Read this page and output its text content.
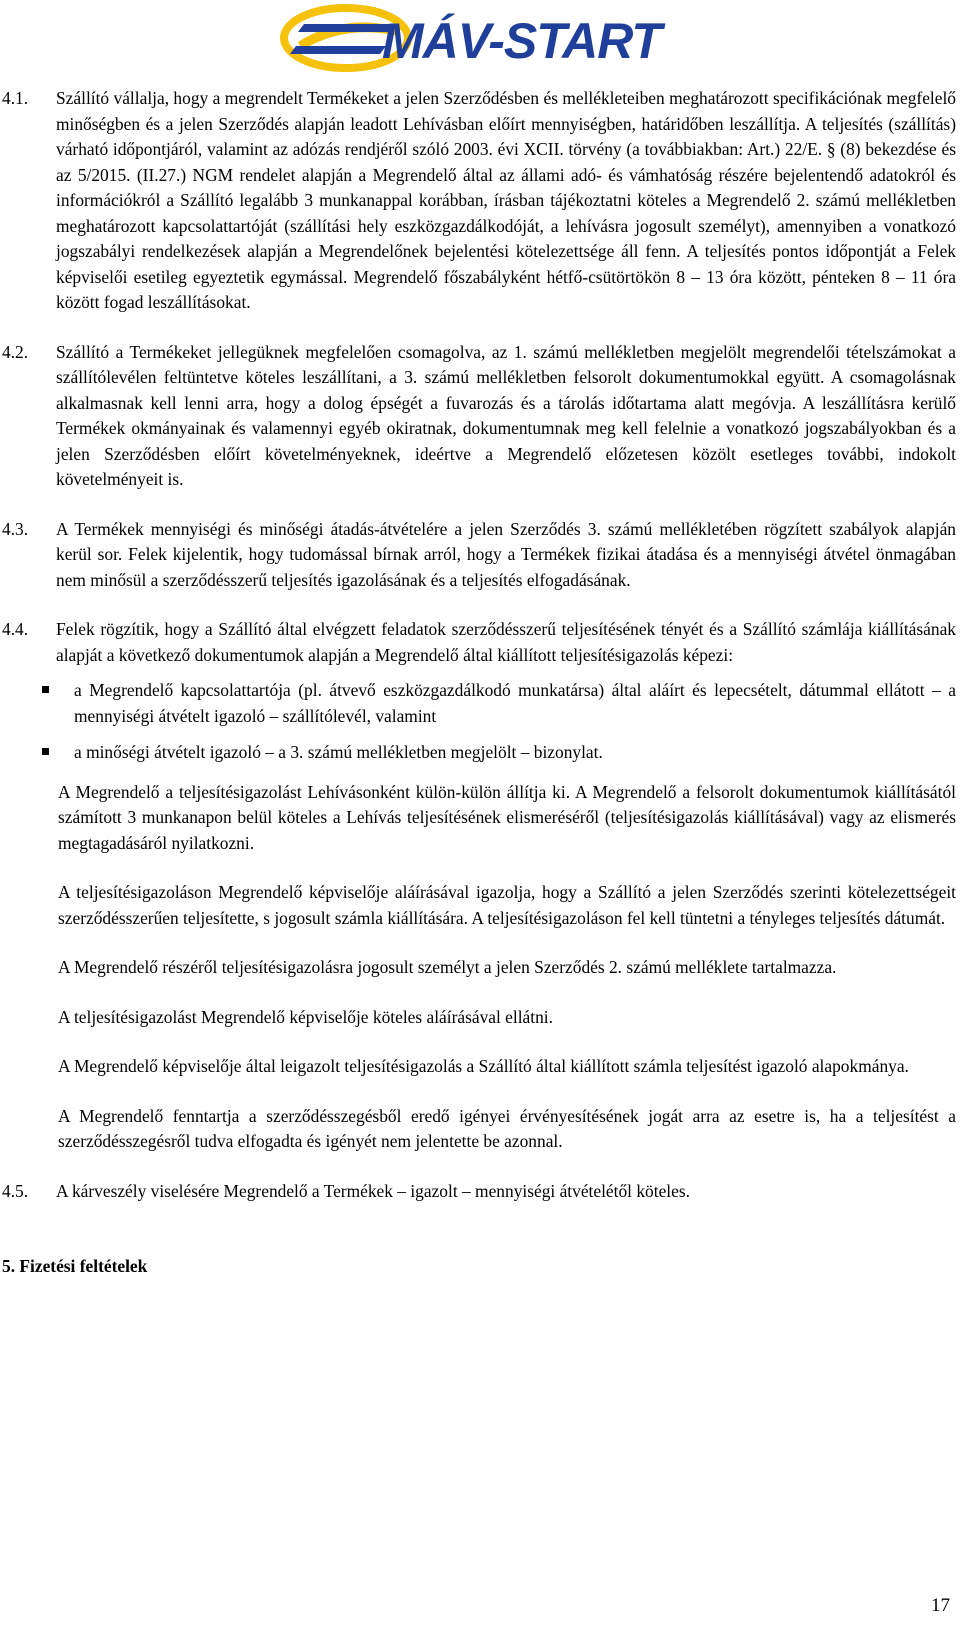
MÁV-START
4.1.	Szállító vállalja, hogy a megrendelt Termékeket a jelen Szerződésben és mellékleteiben meghatározott specifikációnak megfelelő minőségben és a jelen Szerződés alapján leadott Lehívásban előírt mennyiségben, határidőben leszállítja. A teljesítés (szállítás) várható időpontjáról, valamint az adózás rendjéről szóló 2003. évi XCII. törvény (a továbbiakban: Art.) 22/E. § (8) bekezdése és az 5/2015. (II.27.) NGM rendelet alapján a Megrendelő által az állami adó- és vámhatóság részére bejelentendő adatokról és információkról a Szállító legalább 3 munkanappal korábban, írásban tájékoztatni köteles a Megrendelő 2. számú mellékletben meghatározott kapcsolattartóját (szállítási hely eszközgazdálkodóját, a lehívásra jogosult személyt), amennyiben a vonatkozó jogszabályi rendelkezések alapján a Megrendelőnek bejelentési kötelezettsége áll fenn. A teljesítés pontos időpontját a Felek képviselői esetileg egyeztetik egymással. Megrendelő főszabályként hétfő-csütörtökön 8 – 13 óra között, pénteken 8 – 11 óra között fogad leszállításokat.

4.2.	Szállító a Termékeket jellegüknek megfelelően csomagolva, az 1. számú mellékletben megjelölt megrendelői tételszámokat a szállítólevélen feltüntetve köteles leszállítani, a 3. számú mellékletben felsorolt dokumentumokkal együtt. A csomagolásnak alkalmasnak kell lenni arra, hogy a dolog épségét a fuvarozás és a tárolás időtartama alatt megóvja. A leszállításra kerülő Termékek okmányainak és valamennyi egyéb okiratnak, dokumentumnak meg kell felelnie a vonatkozó jogszabályokban és a jelen Szerződésben előírt követelményeknek, ideértve a Megrendelő előzetesen közölt esetleges további, indokolt követelményeit is.

4.3.	A Termékek mennyiségi és minőségi átadás-átvételére a jelen Szerződés 3. számú mellékletében rögzített szabályok alapján kerül sor. Felek kijelentik, hogy tudomással bírnak arról, hogy a Termékek fizikai átadása és a mennyiségi átvétel önmagában nem minősül a szerződésszerű teljesítés igazolásának és a teljesítés elfogadásának.

4.4.	Felek rögzítik, hogy a Szállító által elvégzett feladatok szerződésszerű teljesítésének tényét és a Szállító számlája kiállításának alapját a következő dokumentumok alapján a Megrendelő által kiállított teljesítésigazolás képezi:

a Megrendelő kapcsolattartója (pl. átvevő eszközgazdálkodó munkatársa) által aláírt és lepecsételt, dátummal ellátott – a mennyiségi átvételt igazoló – szállítólevél, valamint
a minőségi átvételt igazoló – a 3. számú mellékletben megjelölt – bizonylat.

A Megrendelő a teljesítésigazolást Lehívásonként külön-külön állítja ki. A Megrendelő a felsorolt dokumentumok kiállításától számított 3 munkanapon belül köteles a Lehívás teljesítésének elismeréséről (teljesítésigazolás kiállításával) vagy az elismerés megtagadásáról nyilatkozni.

A teljesítésigazoláson Megrendelő képviselője aláírásával igazolja, hogy a Szállító a jelen Szerződés szerinti kötelezettségeit szerződésszerűen teljesítette, s jogosult számla kiállítására. A teljesítésigazoláson fel kell tüntetni a tényleges teljesítés dátumát.

A Megrendelő részéről teljesítésigazolásra jogosult személyt a jelen Szerződés 2. számú melléklete tartalmazza.

A teljesítésigazolást Megrendelő képviselője köteles aláírásával ellátni.

A Megrendelő képviselője által leigazolt teljesítésigazolás a Szállító által kiállított számla teljesítést igazoló alapokmánya.

A Megrendelő fenntartja a szerződésszegésből eredő igényei érvényesítésének jogát arra az esetre is, ha a teljesítést a szerződésszegésről tudva elfogadta és igényét nem jelentette be azonnal.

4.5.	A kárveszély viselésére Megrendelő a Termékek – igazolt – mennyiségi átvételétől köteles.

5. Fizetési feltételek
17
